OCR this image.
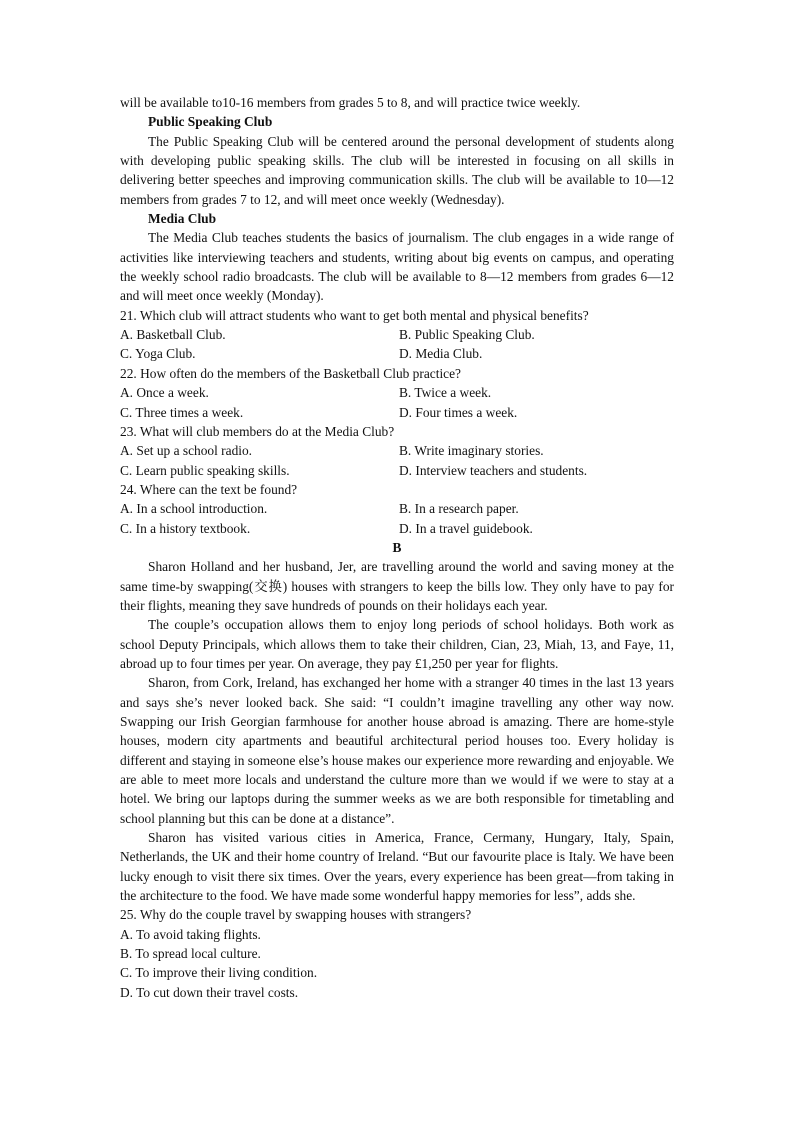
will be available to10-16 members from grades 5 to 8, and will practice twice weekly.

Public Speaking Club

The Public Speaking Club will be centered around the personal development of students along with developing public speaking skills. The club will be interested in focusing on all skills in delivering better speeches and improving communication skills. The club will be available to 10—12 members from grades 7 to 12, and will meet once weekly (Wednesday).

Media Club

The Media Club teaches students the basics of journalism. The club engages in a wide range of activities like interviewing teachers and students, writing about big events on campus, and operating the weekly school radio broadcasts. The club will be available to 8—12 members from grades 6—12 and will meet once weekly (Monday).

21. Which club will attract students who want to get both mental and physical benefits?

A. Basketball Club.	B. Public Speaking Club.
C. Yoga Club.	D. Media Club.

22. How often do the members of the Basketball Club practice?

A. Once a week.	B. Twice a week.
C. Three times a week.	D. Four times a week.

23. What will club members do at the Media Club?

A. Set up a school radio.	B. Write imaginary stories.
C. Learn public speaking skills.	D. Interview teachers and students.

24. Where can the text be found?

A. In a school introduction.	B. In a research paper.
C. In a history textbook.	D. In a travel guidebook.

B

Sharon Holland and her husband, Jer, are travelling around the world and saving money at the same time-by swapping(交换) houses with strangers to keep the bills low. They only have to pay for their flights, meaning they save hundreds of pounds on their holidays each year.

The couple’s occupation allows them to enjoy long periods of school holidays. Both work as school Deputy Principals, which allows them to take their children, Cian, 23, Miah, 13, and Faye, 11, abroad up to four times per year. On average, they pay £1,250 per year for flights.

Sharon, from Cork, Ireland, has exchanged her home with a stranger 40 times in the last 13 years and says she’s never looked back. She said: “I couldn’t imagine travelling any other way now. Swapping our Irish Georgian farmhouse for another house abroad is amazing. There are home-style houses, modern city apartments and beautiful architectural period houses too. Every holiday is different and staying in someone else’s house makes our experience more rewarding and enjoyable. We are able to meet more locals and understand the culture more than we would if we were to stay at a hotel. We bring our laptops during the summer weeks as we are both responsible for timetabling and school planning but this can be done at a distance”.

Sharon has visited various cities in America, France, Cermany, Hungary, Italy, Spain, Netherlands, the UK and their home country of Ireland. “But our favourite place is Italy. We have been lucky enough to visit there six times. Over the years, every experience has been great—from taking in the architecture to the food. We have made some wonderful happy memories for less”, adds she.

25. Why do the couple travel by swapping houses with strangers?

A. To avoid taking flights.

B. To spread local culture.

C. To improve their living condition.

D. To cut down their travel costs.
